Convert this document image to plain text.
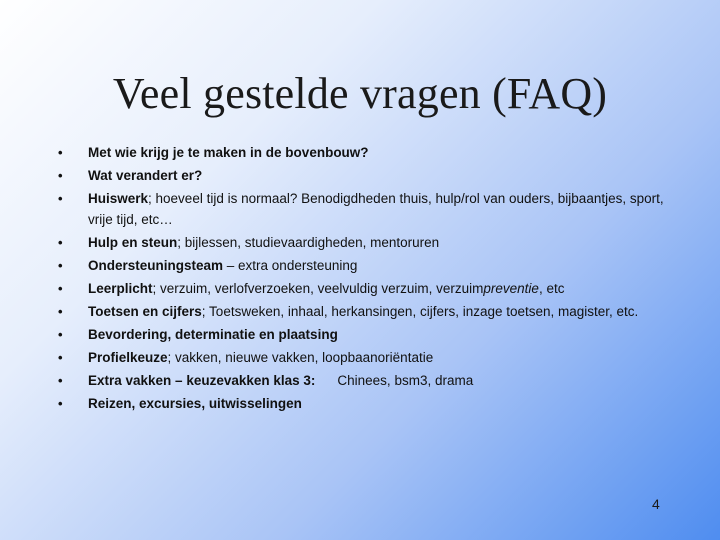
Veel gestelde vragen (FAQ)
• Met wie krijg je te maken in de bovenbouw?
• Wat verandert er?
• Huiswerk; hoeveel tijd is normaal? Benodigdheden thuis, hulp/rol van ouders, bijbaantjes, sport, vrije tijd, etc…
• Hulp en steun; bijlessen, studievaardigheden, mentoruren
• Ondersteuningsteam – extra ondersteuning
• Leerplicht; verzuim, verlofverzoeken, veelvuldig verzuim, verzuimpreventie, etc
• Toetsen en cijfers; Toetsweken, inhaal, herkansingen, cijfers, inzage toetsen, magister, etc.
• Bevordering, determinatie en plaatsing
• Profielkeuze; vakken, nieuwe vakken, loopbaanoriëntatie
• Extra vakken – keuzevakken klas 3: Chinees, bsm3, drama
• Reizen, excursies, uitwisselingen
4
